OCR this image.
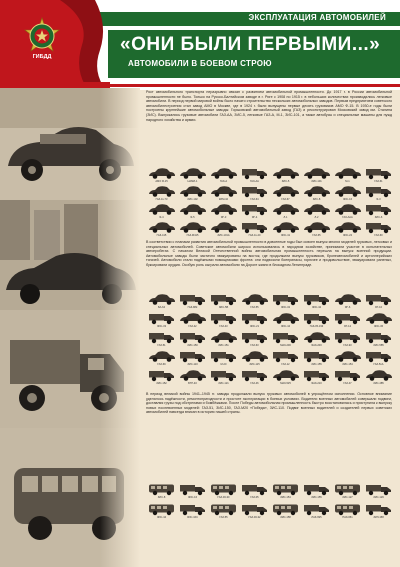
ЭКСПЛУАТАЦИЯ АВТОМОБИЛЕЙ
«ОНИ БЫЛИ ПЕРВЫМИ...»
АВТОМОБИЛИ В БОЕВОМ СТРОЮ
ГИБДД
Рост автомобильного транспорта неразрывно связан с развитием автомобильной промышленности. До 1917 г. в России автомобильной промышленности не было. Только на Русско-Балтийском заводе в г. Риге с 1908 по 1915 г. в небольших количествах производились легковые автомобили. В период первой мировой войны было начато строительство нескольких автомобильных заводов. Первым предприятием советского автомобилестроения стал завод АМО в Москве, где в 1924 г. были выпущены первые десять грузовиков АМО Ф-15. В 1930-е годы были построены крупнейшие автомобильные заводы: Горьковский автомобильный завод (ГАЗ) и реконструирован Московский завод им. Сталина (ЗИС). Выпускались грузовые автомобили ГАЗ-АА, ЗИС-5, легковые ГАЗ-А, М-1, ЗИС-101, а также автобусы и специальные машины для нужд народного хозяйства и армии.
АМО Ф-15	НАМИ-1	ГАЗ-А	ГАЗ-АА	ЗИС-5	ЗИС-101	М-1	ГАЗ-61
ГАЗ-11-73	ЗИС-102	КИМ-10	ГАЗ-64	ГАЗ-67	ЗИС-8	ЗИС-16	Я-3
Я-4	Я-5	ЯГ-3	ЯГ-4	Л-1	Л-2	ГАЗ-ААА	ЗИС-6
ГАЗ-415	ГАЗ-М415	ЗИС-101А	ГАЗ-11-40	ЗИС-41	ГАЗ-65	ЗИС-22	ГАЗ-60
В соответствии с планами развития автомобильной промышленности в довоенные годы был освоен выпуск многих моделей грузовых, легковых и специальных автомобилей. Советские автомобили широко использовались в народном хозяйстве, принимали участие в испытательных автопробегах. С началом Великой Отечественной войны автомобильная промышленность перешла на выпуск военной продукции. Автомобильные заводы были частично эвакуированы на восток, где продолжили выпуск грузовиков, бронеавтомобилей и артиллерийских тягачей. Автомобили стали надёжными помощниками фронта: они подвозили боеприпасы, горючее и продовольствие, эвакуировали раненых, буксировали орудия. Особую роль сыграли автомобили на Дороге жизни в блокадном Ленинграде.
БА-64	ГАЗ-ММ	ЗИС-5В	ГАЗ-55	ЗИС-32	ЗИС-42	ЯГ-6	ЯГ-10
ЗИС-33	ГАЗ-42	ГАЗ-43	ЗИС-21	ЗИС-44	ГАЗ-05-193	ЯГ-12	ЗИС-36
ГАЗ-51	ЗИС-150	ЗИС-151	ГАЗ-63	МАЗ-200	ЯАЗ-200	ГАЗ-93	ЗИС-585
ГАЗ-69	ЗИС-110	М-20	ЗИС-115	ГАЗ-12	ЗИС-155	ЗИС-154	ГАЗ-51А
ЗИС-152	БТР-40	ЗИС-121	ГАЗ-46	МАЗ-525	ЯАЗ-210	ГАЗ-47	ЗИС-485
В период великой войны 1941–1945 гг. заводы продолжали выпуск грузовых автомобилей в упрощённом исполнении. Основное внимание уделялось надёжности, ремонтопригодности и простоте эксплуатации в боевых условиях. Водители военных автомобилей совершали подвиги, доставляя грузы под обстрелами и бомбёжками. После Победы автомобильная промышленность быстро восстановилась и приступила к выпуску новых послевоенных моделей: ГАЗ-51, ЗИС-150, ГАЗ-М20 «Победа», ЗИС-110. Подвиг военных водителей и создателей первых советских автомобилей навсегда вписан в историю нашей страны.
ЗИС-8	ЗИС-16	ГАЗ-03-30	ГАЗ-05	ЗИС-154	ЗИС-155	ЗИС-127	ЗИС-129
ЗИС-44	ЗИС-16С	ГАЗ-55	ГАЗ-03-32	ЗИС-158	ЛАЗ-695	ПАЗ-651	ЗИЛ-158
